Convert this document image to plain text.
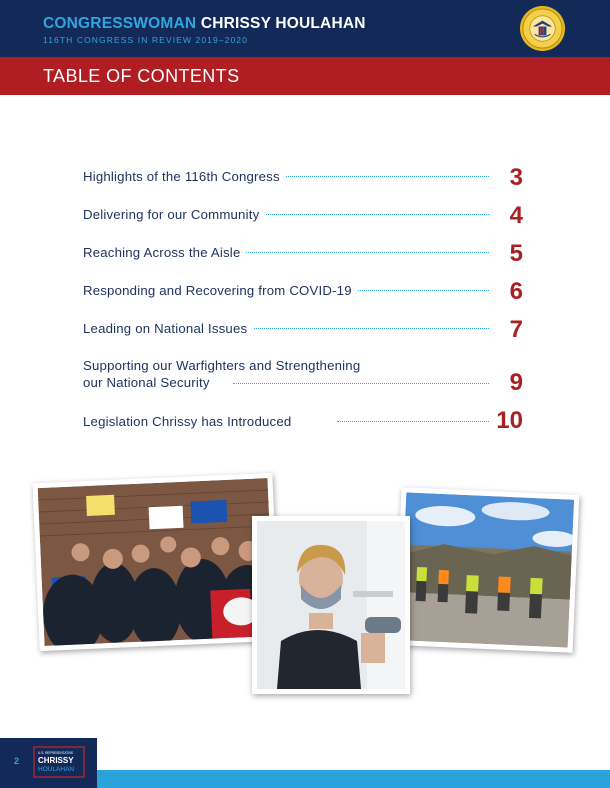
CONGRESSWOMAN CHRISSY HOULAHAN
116TH CONGRESS IN REVIEW 2019–2020
TABLE OF CONTENTS
Highlights of the 116th Congress	3
Delivering for our Community	4
Reaching Across the Aisle	5
Responding and Recovering from COVID-19	6
Leading on National Issues	7
Supporting our Warfighters and Strengthening
our National Security	9
Legislation Chrissy has Introduced	10
2
U.S. REPRESENTATIVE
CHRISSY
HOULAHAN
